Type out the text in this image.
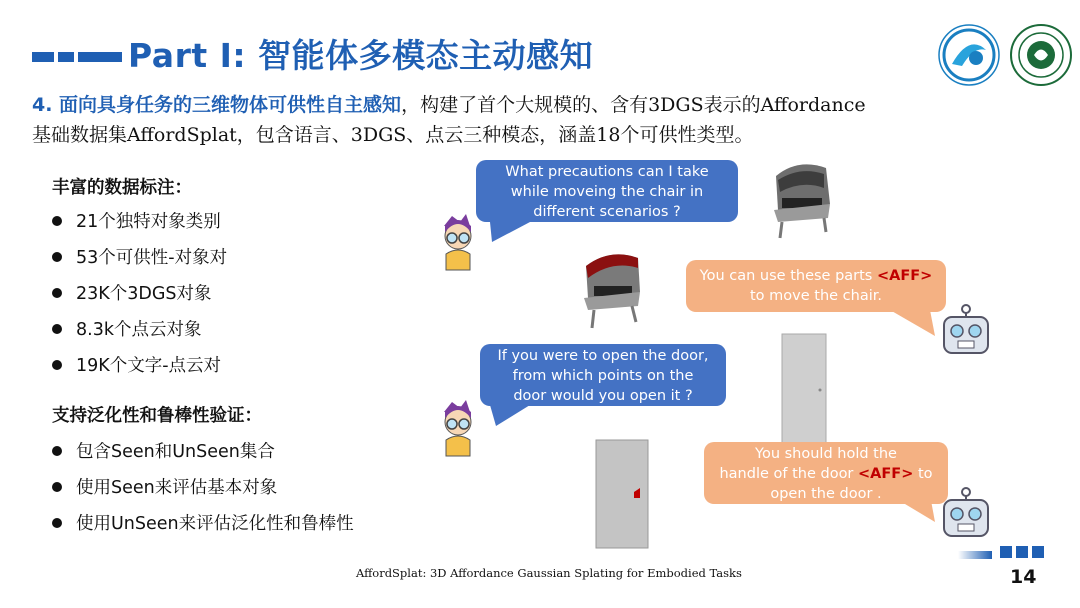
Part I: 智能体多模态主动感知
4. 面向具身任务的三维物体可供性自主感知，构建了首个大规模的、含有3DGS表示的Affordance
基础数据集AffordSplat，包含语言、3DGS、点云三种模态，涵盖18个可供性类型。
丰富的数据标注：
21个独特对象类别
53个可供性-对象对
23K个3DGS对象
8.3k个点云对象
19K个文字-点云对
支持泛化性和鲁棒性验证：
包含Seen和UnSeen集合
使用Seen来评估基本对象
使用UnSeen来评估泛化性和鲁棒性
What precautions can I take
while moveing the chair in
different scenarios ?
You can use these parts <AFF>
to move the chair.
If you were to open the door,
from which points on the
door would you open it ?
You should hold the
handle of the door <AFF> to
open the door .
AffordSplat: 3D Affordance Gaussian Splating for Embodied Tasks	14
